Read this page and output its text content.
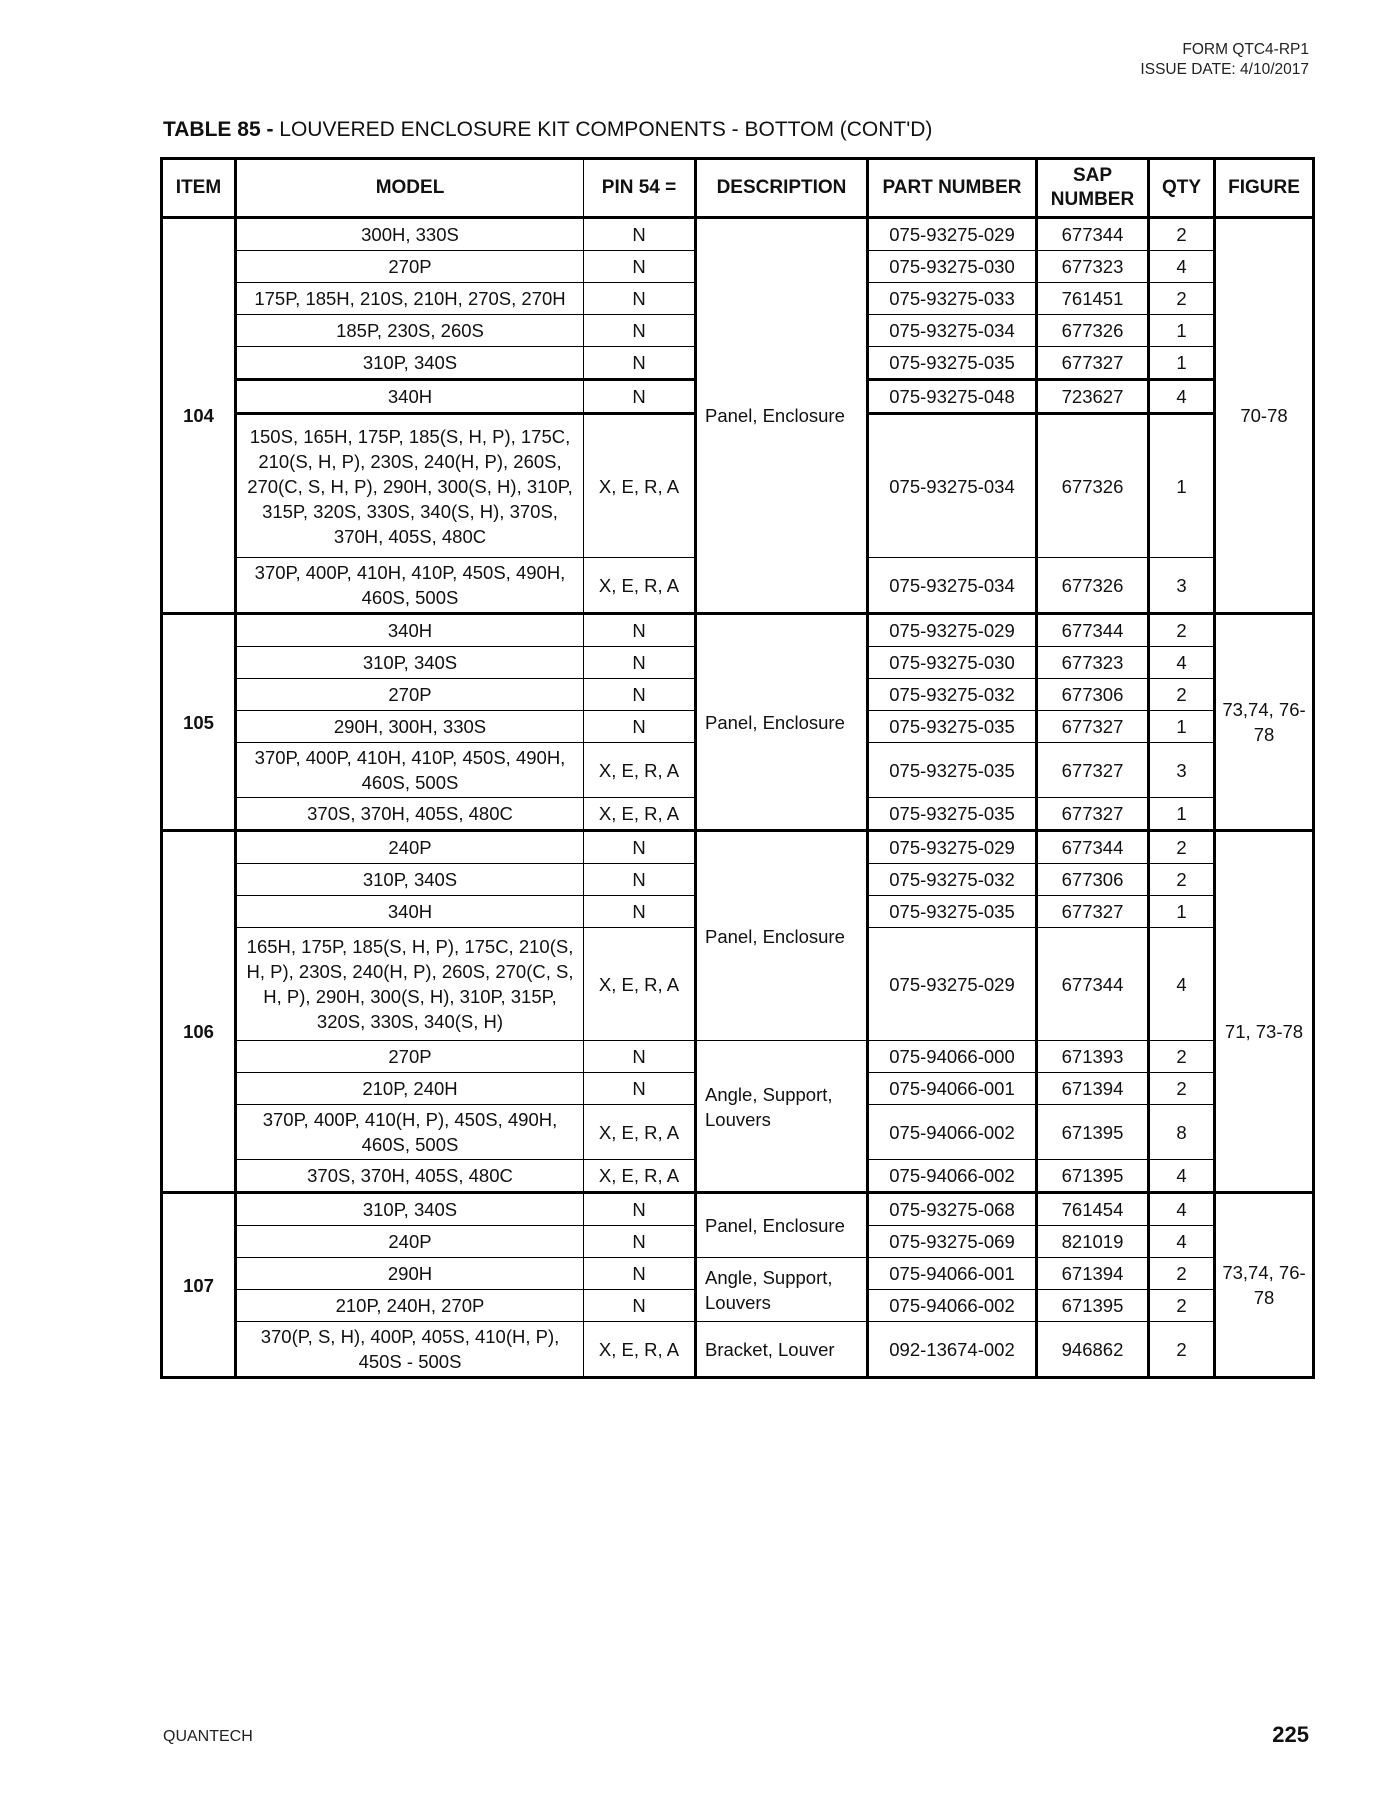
FORM QTC4-RP1
ISSUE DATE: 4/10/2017
TABLE 85 - LOUVERED ENCLOSURE KIT COMPONENTS - BOTTOM (CONT'D)
ITEM	MODEL	PIN 54 =	DESCRIPTION	PART NUMBER	SAP NUMBER	QTY	FIGURE
104	300H, 330S	N	Panel, Enclosure	075-93275-029	677344	2	70-78
	270P	N		075-93275-030	677323	4	
	175P, 185H, 210S, 210H, 270S, 270H	N		075-93275-033	761451	2	
	185P, 230S, 260S	N		075-93275-034	677326	1	
	310P, 340S	N		075-93275-035	677327	1	
	340H	N		075-93275-048	723627	4	
	150S, 165H, 175P, 185(S, H, P), 175C, 210(S, H, P), 230S, 240(H, P), 260S, 270(C, S, H, P), 290H, 300(S, H), 310P, 315P, 320S, 330S, 340(S, H), 370S, 370H, 405S, 480C	X, E, R, A		075-93275-034	677326	1	
	370P, 400P, 410H, 410P, 450S, 490H, 460S, 500S	X, E, R, A		075-93275-034	677326	3	
105	340H	N	Panel, Enclosure	075-93275-029	677344	2	73,74, 76-78
	310P, 340S	N		075-93275-030	677323	4	
	270P	N		075-93275-032	677306	2	
	290H, 300H, 330S	N		075-93275-035	677327	1	
	370P, 400P, 410H, 410P, 450S, 490H, 460S, 500S	X, E, R, A		075-93275-035	677327	3	
	370S, 370H, 405S, 480C	X, E, R, A		075-93275-035	677327	1	
106	240P	N	Panel, Enclosure	075-93275-029	677344	2	71, 73-78
	310P, 340S	N		075-93275-032	677306	2	
	340H	N		075-93275-035	677327	1	
	165H, 175P, 185(S, H, P), 175C, 210(S, H, P), 230S, 240(H, P), 260S, 270(C, S, H, P), 290H, 300(S, H), 310P, 315P, 320S, 330S, 340(S, H)	X, E, R, A		075-93275-029	677344	4	
	270P	N	Angle, Support, Louvers	075-94066-000	671393	2	
	210P, 240H	N		075-94066-001	671394	2	
	370P, 400P, 410(H, P), 450S, 490H, 460S, 500S	X, E, R, A		075-94066-002	671395	8	
	370S, 370H, 405S, 480C	X, E, R, A		075-94066-002	671395	4	
107	310P, 340S	N	Panel, Enclosure	075-93275-068	761454	4	73,74, 76-78
	240P	N		075-93275-069	821019	4	
	290H	N	Angle, Support, Louvers	075-94066-001	671394	2	
	210P, 240H, 270P	N		075-94066-002	671395	2	
	370(P, S, H), 400P, 405S, 410(H, P), 450S - 500S	X, E, R, A	Bracket, Louver	092-13674-002	946862	2	
QUANTECH	225
